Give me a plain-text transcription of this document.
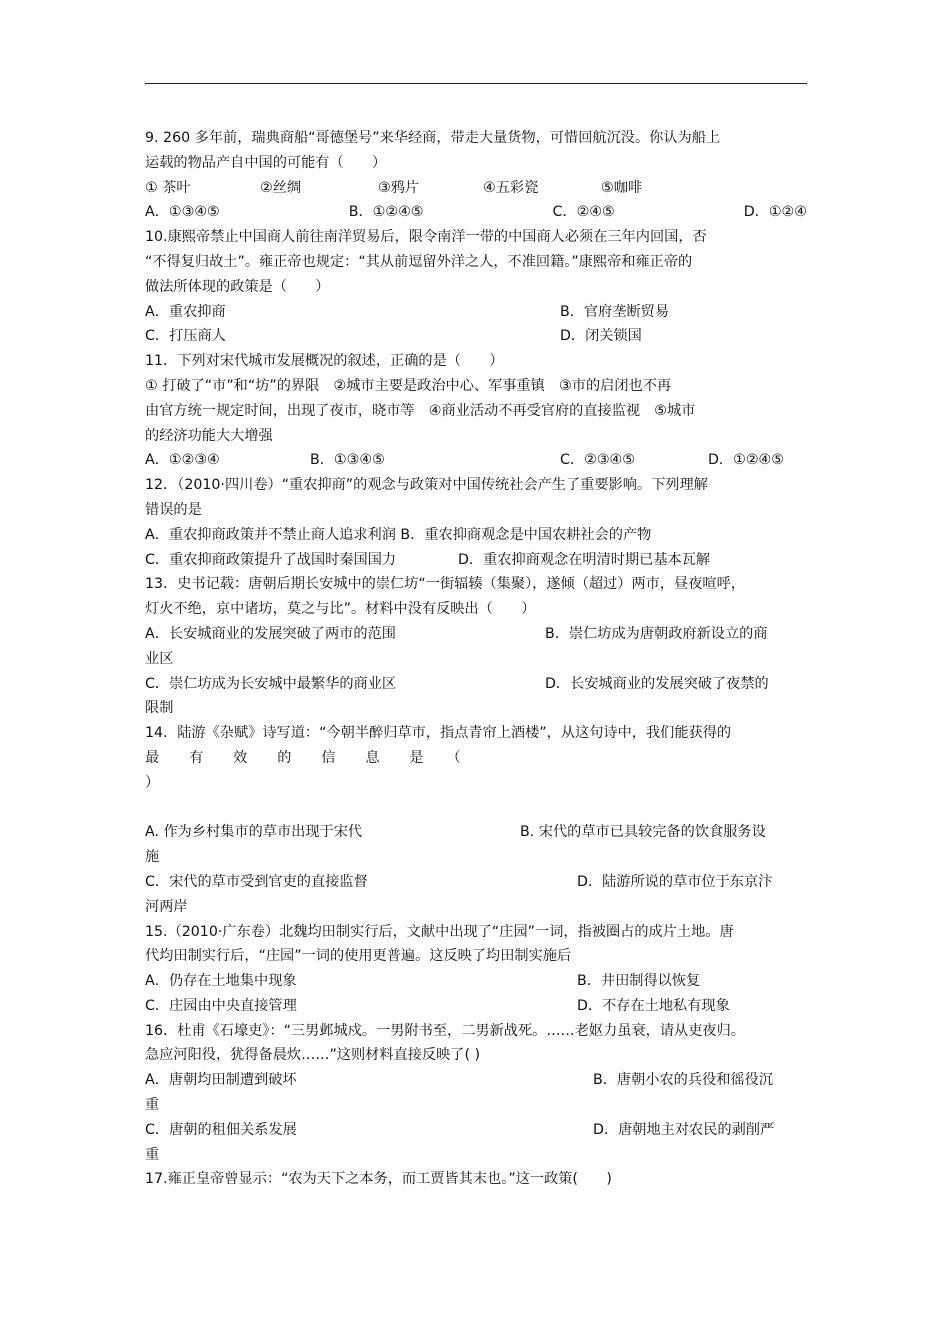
9. 260 多年前，瑞典商船“哥德堡号”来华经商，带走大量货物，可惜回航沉没。你认为船上
运载的物品产自中国的可能有（　　）
① 茶叶	②丝绸	③鸦片	④五彩瓷	⑤咖啡
A．①③④⑤	B．①②④⑤	C．②④⑤	D．①②④
10.康熙帝禁止中国商人前往南洋贸易后，限令南洋一带的中国商人必须在三年内回国，否
“不得复归故土”。雍正帝也规定：“其从前逗留外洋之人，不准回籍。”康熙帝和雍正帝的
做法所体现的政策是（　　）
A．重农抑商	B．官府垄断贸易
C．打压商人	D．闭关锁国
11．下列对宋代城市发展概况的叙述，正确的是（　　）
① 打破了“市”和“坊”的界限　②城市主要是政治中心、军事重镇　③市的启闭也不再
由官方统一规定时间，出现了夜市，晓市等　④商业活动不再受官府的直接监视　⑤城市
的经济功能大大增强
A．①②③④	B．①③④⑤	C．②③④⑤	D．①②④⑤
12．（2010·四川卷）“重农抑商”的观念与政策对中国传统社会产生了重要影响。下列理解
错误的是
A．重农抑商政策并不禁止商人追求利润 B．重农抑商观念是中国农耕社会的产物
C．重农抑商政策提升了战国时秦国国力	D．重农抑商观念在明清时期已基本瓦解
13．史书记载：唐朝后期长安城中的崇仁坊“一街辐辏（集聚），遂倾（超过）两市，昼夜喧呼，
灯火不绝，京中诸坊，莫之与比”。材料中没有反映出（　　）
A．长安城商业的发展突破了两市的范围	B．崇仁坊成为唐朝政府新设立的商
业区
C．崇仁坊成为长安城中最繁华的商业区	D．长安城商业的发展突破了夜禁的
限制
14．陆游《杂赋》诗写道：“今朝半醉归草市，指点青帘上酒楼”，从这句诗中，我们能获得的
最　　有　　效　　的　　信　　息　　是　　（
）
A. 作为乡村集市的草市出现于宋代	B. 宋代的草市已具较完备的饮食服务设
施
C．宋代的草市受到官吏的直接监督	D．陆游所说的草市位于东京汴
河两岸
15.（2010·广东卷）北魏均田制实行后，文献中出现了“庄园”一词，指被圈占的成片土地。唐
代均田制实行后，“庄园”一词的使用更普遍。这反映了均田制实施后
A．仍存在土地集中现象	B．井田制得以恢复
C．庄园由中央直接管理	D．不存在土地私有现象
16．杜甫《石壕吏》：“三男邺城戍。一男附书至，二男新战死。……老妪力虽衰，请从吏夜归。
急应河阳役，犹得备晨炊……”这则材料直接反映了( )
A．唐朝均田制遭到破坏	B．唐朝小农的兵役和徭役沉
重
C．唐朝的租佃关系发展	D．唐朝地主对农民的剥削严
重
17.雍正皇帝曾显示：“农为天下之本务，而工贾皆其末也。”这一政策(　　)
